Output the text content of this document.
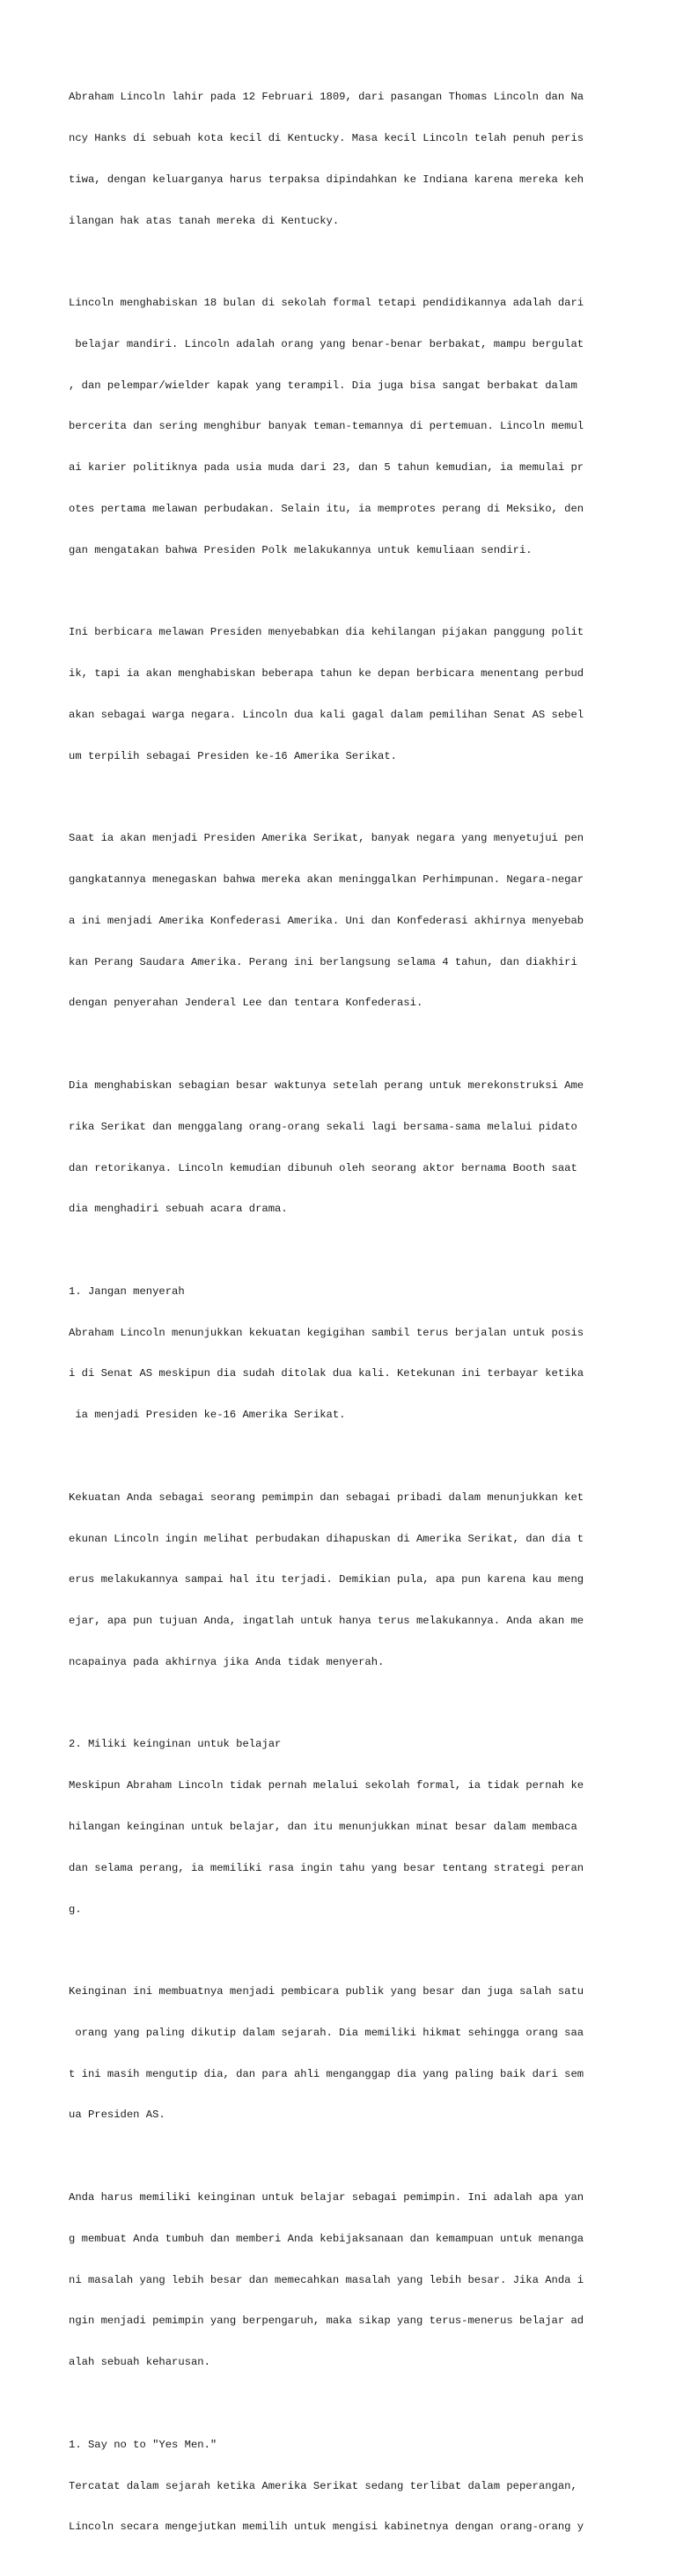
Abraham Lincoln lahir pada 12 Februari 1809, dari pasangan Thomas Lincoln dan Na

ncy Hanks di sebuah kota kecil di Kentucky. Masa kecil Lincoln telah penuh peris

tiwa, dengan keluarganya harus terpaksa dipindahkan ke Indiana karena mereka keh

ilangan hak atas tanah mereka di Kentucky.

Lincoln menghabiskan 18 bulan di sekolah formal tetapi pendidikannya adalah dari

belajar mandiri. Lincoln adalah orang yang benar-benar berbakat, mampu bergulat

, dan pelempar/wielder kapak yang terampil. Dia juga bisa sangat berbakat dalam

bercerita dan sering menghibur banyak teman-temannya di pertemuan. Lincoln memul

ai karier politiknya pada usia muda dari 23, dan 5 tahun kemudian, ia memulai pr

otes pertama melawan perbudakan. Selain itu, ia memprotes perang di Meksiko, den

gan mengatakan bahwa Presiden Polk melakukannya untuk kemuliaan sendiri.

Ini berbicara melawan Presiden menyebabkan dia kehilangan pijakan panggung polit

ik, tapi ia akan menghabiskan beberapa tahun ke depan berbicara menentang perbud

akan sebagai warga negara. Lincoln dua kali gagal dalam pemilihan Senat AS sebel

um terpilih sebagai Presiden ke-16 Amerika Serikat.

Saat ia akan menjadi Presiden Amerika Serikat, banyak negara yang menyetujui pen

gangkatannya menegaskan bahwa mereka akan meninggalkan Perhimpunan. Negara-negar

a ini menjadi Amerika Konfederasi Amerika. Uni dan Konfederasi akhirnya menyebab

kan Perang Saudara Amerika. Perang ini berlangsung selama 4 tahun, dan diakhiri

dengan penyerahan Jenderal Lee dan tentara Konfederasi.

Dia menghabiskan sebagian besar waktunya setelah perang untuk merekonstruksi Ame

rika Serikat dan menggalang orang-orang sekali lagi bersama-sama melalui pidato

dan retorikanya. Lincoln kemudian dibunuh oleh seorang aktor bernama Booth saat

dia menghadiri sebuah acara drama.

1. Jangan menyerah

Abraham Lincoln menunjukkan kekuatan kegigihan sambil terus berjalan untuk posis

i di Senat AS meskipun dia sudah ditolak dua kali. Ketekunan ini terbayar ketika

ia menjadi Presiden ke-16 Amerika Serikat.

Kekuatan Anda sebagai seorang pemimpin dan sebagai pribadi dalam menunjukkan ket

ekunan Lincoln ingin melihat perbudakan dihapuskan di Amerika Serikat, dan dia t

erus melakukannya sampai hal itu terjadi. Demikian pula, apa pun karena kau meng

ejar, apa pun tujuan Anda, ingatlah untuk hanya terus melakukannya. Anda akan me

ncapainya pada akhirnya jika Anda tidak menyerah.

2. Miliki keinginan untuk belajar

Meskipun Abraham Lincoln tidak pernah melalui sekolah formal, ia tidak pernah ke

hilangan keinginan untuk belajar, dan itu menunjukkan minat besar dalam membaca

dan selama perang, ia memiliki rasa ingin tahu yang besar tentang strategi peran

g.

Keinginan ini membuatnya menjadi pembicara publik yang besar dan juga salah satu

orang yang paling dikutip dalam sejarah. Dia memiliki hikmat sehingga orang saa

t ini masih mengutip dia, dan para ahli menganggap dia yang paling baik dari sem

ua Presiden AS.

Anda harus memiliki keinginan untuk belajar sebagai pemimpin. Ini adalah apa yan

g membuat Anda tumbuh dan memberi Anda kebijaksanaan dan kemampuan untuk menanga

ni masalah yang lebih besar dan memecahkan masalah yang lebih besar. Jika Anda i

ngin menjadi pemimpin yang berpengaruh, maka sikap yang terus-menerus belajar ad

alah sebuah keharusan.

1. Say no to "Yes Men."

Tercatat dalam sejarah ketika Amerika Serikat sedang terlibat dalam peperangan,

Lincoln secara mengejutkan memilih untuk mengisi kabinetnya dengan orang-orang y
